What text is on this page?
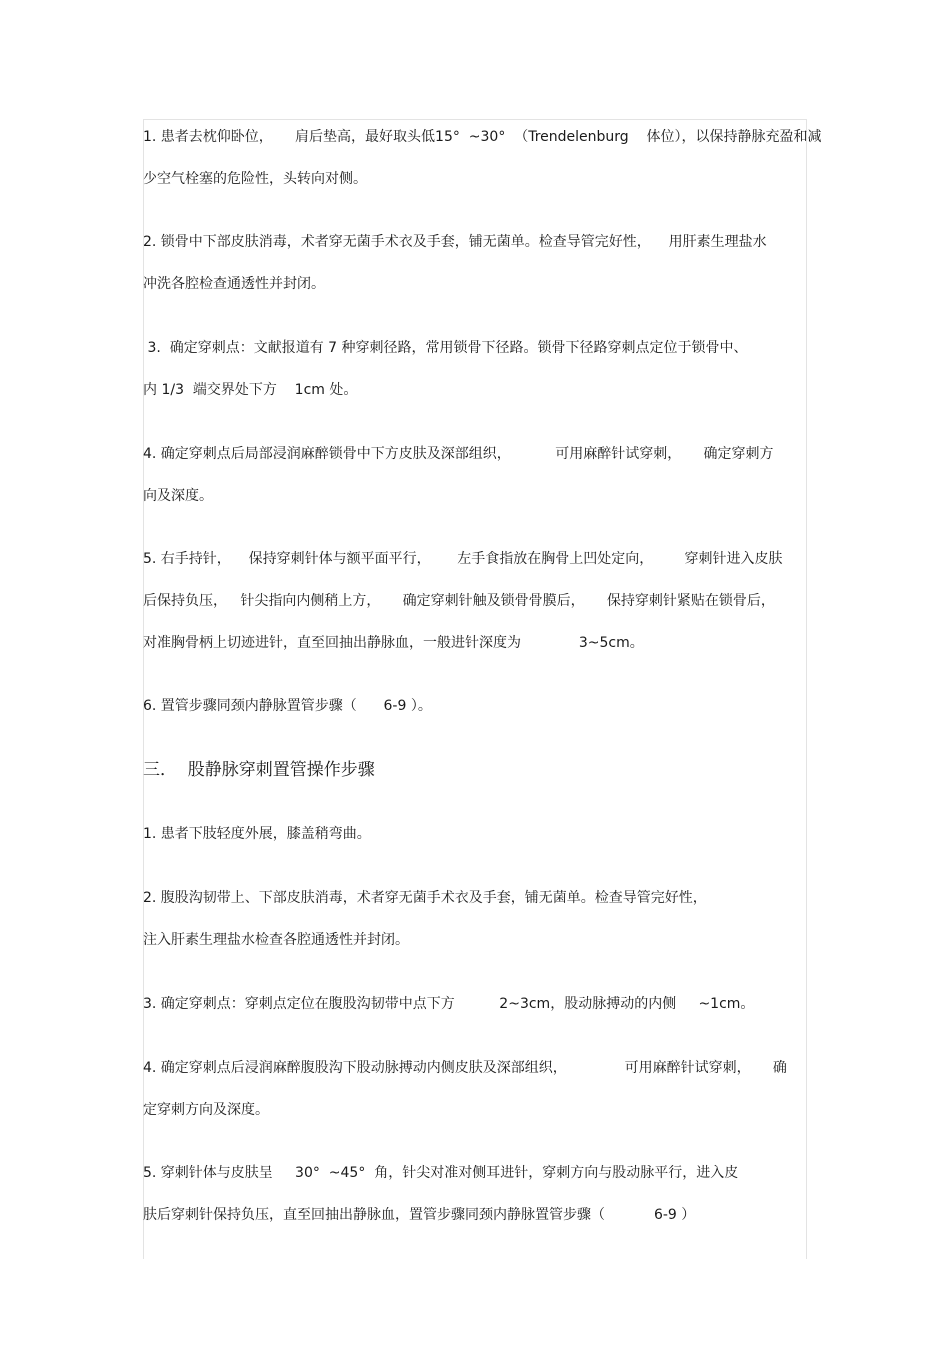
1. 患者去枕仰卧位，     肩后垫高，最好取头低15°  ~30°  （Trendelenburg    体位），以保持静脉充盈和减
少空气栓塞的危险性，头转向对侧。
2. 锁骨中下部皮肤消毒，术者穿无菌手术衣及手套，铺无菌单。检查导管完好性，    用肝素生理盐水
冲洗各腔检查通透性并封闭。
3.  确定穿刺点：文献报道有 7 种穿刺径路，常用锁骨下径路。锁骨下径路穿刺点定位于锁骨中、
内 1/3  端交界处下方    1cm 处。
4. 确定穿刺点后局部浸润麻醉锁骨中下方皮肤及深部组织，          可用麻醉针试穿刺，     确定穿刺方
向及深度。
5. 右手持针，    保持穿刺针体与额平面平行，      左手食指放在胸骨上凹处定向，       穿刺针进入皮肤
后保持负压，   针尖指向内侧稍上方，     确定穿刺针触及锁骨骨膜后，     保持穿刺针紧贴在锁骨后，
对准胸骨柄上切迹进针，直至回抽出静脉血，一般进针深度为             3~5cm。
6. 置管步骤同颈内静脉置管步骤（      6-9 ）。
三．  股静脉穿刺置管操作步骤
1. 患者下肢轻度外展，膝盖稍弯曲。
2. 腹股沟韧带上、下部皮肤消毒，术者穿无菌手术衣及手套，铺无菌单。检查导管完好性，
注入肝素生理盐水检查各腔通透性并封闭。
3. 确定穿刺点：穿刺点定位在腹股沟韧带中点下方          2~3cm，股动脉搏动的内侧     ~1cm。
4. 确定穿刺点后浸润麻醉腹股沟下股动脉搏动内侧皮肤及深部组织，             可用麻醉针试穿刺，     确
定穿刺方向及深度。
5. 穿刺针体与皮肤呈     30°  ~45°  角，针尖对准对侧耳进针，穿刺方向与股动脉平行，进入皮
肤后穿刺针保持负压，直至回抽出静脉血，置管步骤同颈内静脉置管步骤（           6-9 ）
